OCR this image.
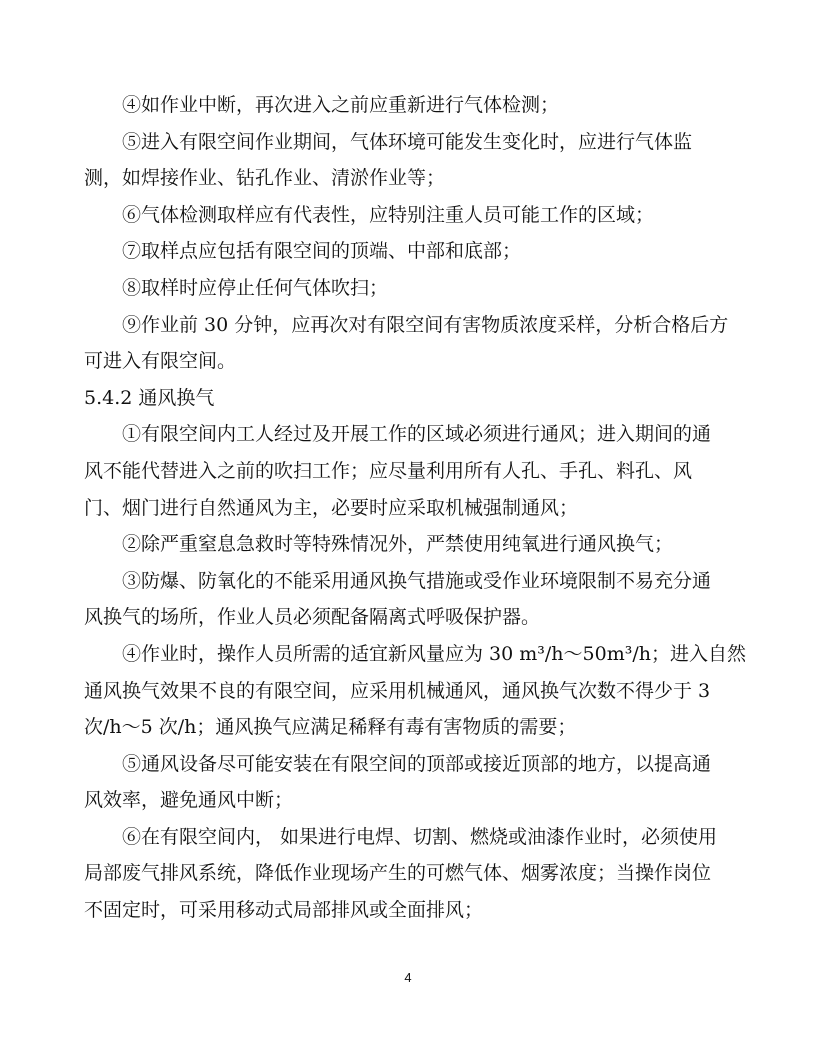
④如作业中断，再次进入之前应重新进行气体检测；
⑤进入有限空间作业期间，气体环境可能发生变化时，应进行气体监
测，如焊接作业、钻孔作业、清淤作业等；
⑥气体检测取样应有代表性，应特别注重人员可能工作的区域；
⑦取样点应包括有限空间的顶端、中部和底部；
⑧取样时应停止任何气体吹扫；
⑨作业前 30 分钟，应再次对有限空间有害物质浓度采样，分析合格后方
可进入有限空间。
5.4.2 通风换气
①有限空间内工人经过及开展工作的区域必须进行通风；进入期间的通
风不能代替进入之前的吹扫工作；应尽量利用所有人孔、手孔、料孔、风
门、烟门进行自然通风为主，必要时应采取机械强制通风；
②除严重窒息急救时等特殊情况外，严禁使用纯氧进行通风换气；
③防爆、防氧化的不能采用通风换气措施或受作业环境限制不易充分通
风换气的场所，作业人员必须配备隔离式呼吸保护器。
④作业时，操作人员所需的适宜新风量应为 30 m³/h～50m³/h；进入自然
通风换气效果不良的有限空间，应采用机械通风，通风换气次数不得少于 3
次/h～5 次/h；通风换气应满足稀释有毒有害物质的需要；
⑤通风设备尽可能安装在有限空间的顶部或接近顶部的地方，以提高通
风效率，避免通风中断；
⑥在有限空间内， 如果进行电焊、切割、燃烧或油漆作业时，必须使用
局部废气排风系统，降低作业现场产生的可燃气体、烟雾浓度；当操作岗位
不固定时，可采用移动式局部排风或全面排风；
4
